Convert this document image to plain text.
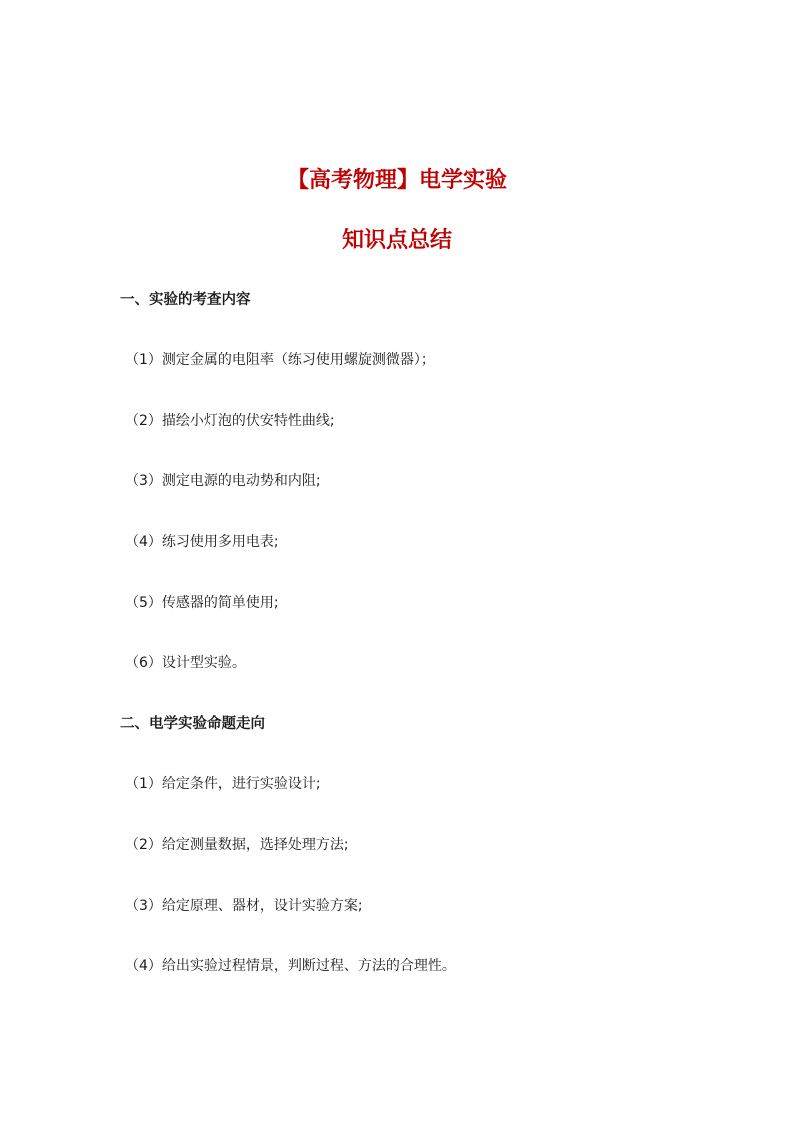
【高考物理】电学实验
知识点总结
一、实验的考查内容

（1）测定金属的电阻率（练习使用螺旋测微器）；

（2）描绘小灯泡的伏安特性曲线;

（3）测定电源的电动势和内阻;

（4）练习使用多用电表;

（5）传感器的简单使用;

（6）设计型实验。

二、电学实验命题走向

（1）给定条件，进行实验设计;

（2）给定测量数据，选择处理方法;

（3）给定原理、器材，设计实验方案;

（4）给出实验过程情景，判断过程、方法的合理性。
